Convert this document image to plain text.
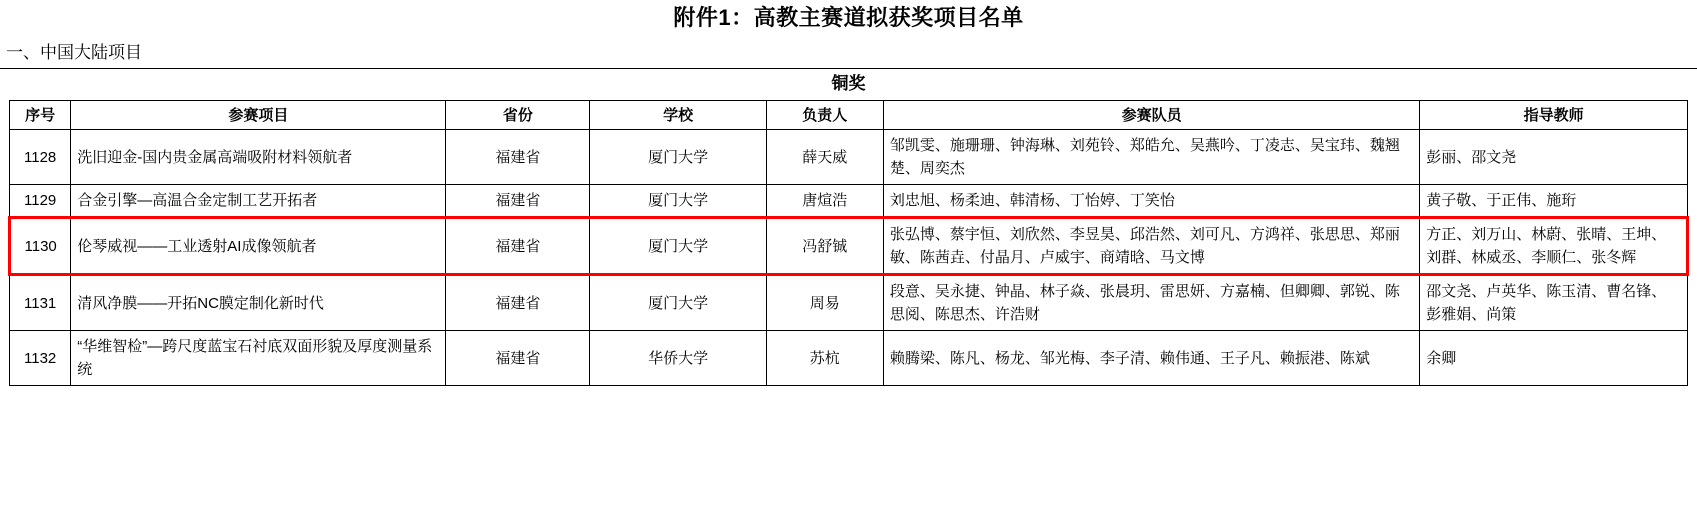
附件1：高教主赛道拟获奖项目名单
一、中国大陆项目
铜奖
序号	参赛项目	省份	学校	负责人	参赛队员	指导教师
1128	洗旧迎金-国内贵金属高端吸附材料领航者	福建省	厦门大学	薛天威	邹凯雯、施珊珊、钟海琳、刘苑铃、郑皓允、吴燕吟、丁凌志、吴宝玮、魏翘楚、周奕杰	彭丽、邵文尧
1129	合金引擎—高温合金定制工艺开拓者	福建省	厦门大学	唐煊浩	刘忠旭、杨柔迪、韩清杨、丁怡婷、丁笑怡	黄子敬、于正伟、施珩
1130	伦琴威视——工业透射AI成像领航者	福建省	厦门大学	冯舒铖	张弘博、蔡宇恒、刘欣然、李昱昊、邱浩然、刘可凡、方鸿祥、张思思、郑丽敏、陈茜垚、付晶月、卢威宇、商靖晗、马文博	方正、刘万山、林蔚、张晴、王坤、刘群、林威丞、李顺仁、张冬辉
1131	清风净膜——开拓NC膜定制化新时代	福建省	厦门大学	周易	段意、吴永捷、钟晶、林子焱、张晨玥、雷思妍、方嘉楠、但卿卿、郭锐、陈思阅、陈思杰、许浩财	邵文尧、卢英华、陈玉清、曹名锋、彭雅娟、尚策
1132	“华维智检”—跨尺度蓝宝石衬底双面形貌及厚度测量系统	福建省	华侨大学	苏杭	赖腾梁、陈凡、杨龙、邹光梅、李子清、赖伟通、王子凡、赖振港、陈斌	余卿
